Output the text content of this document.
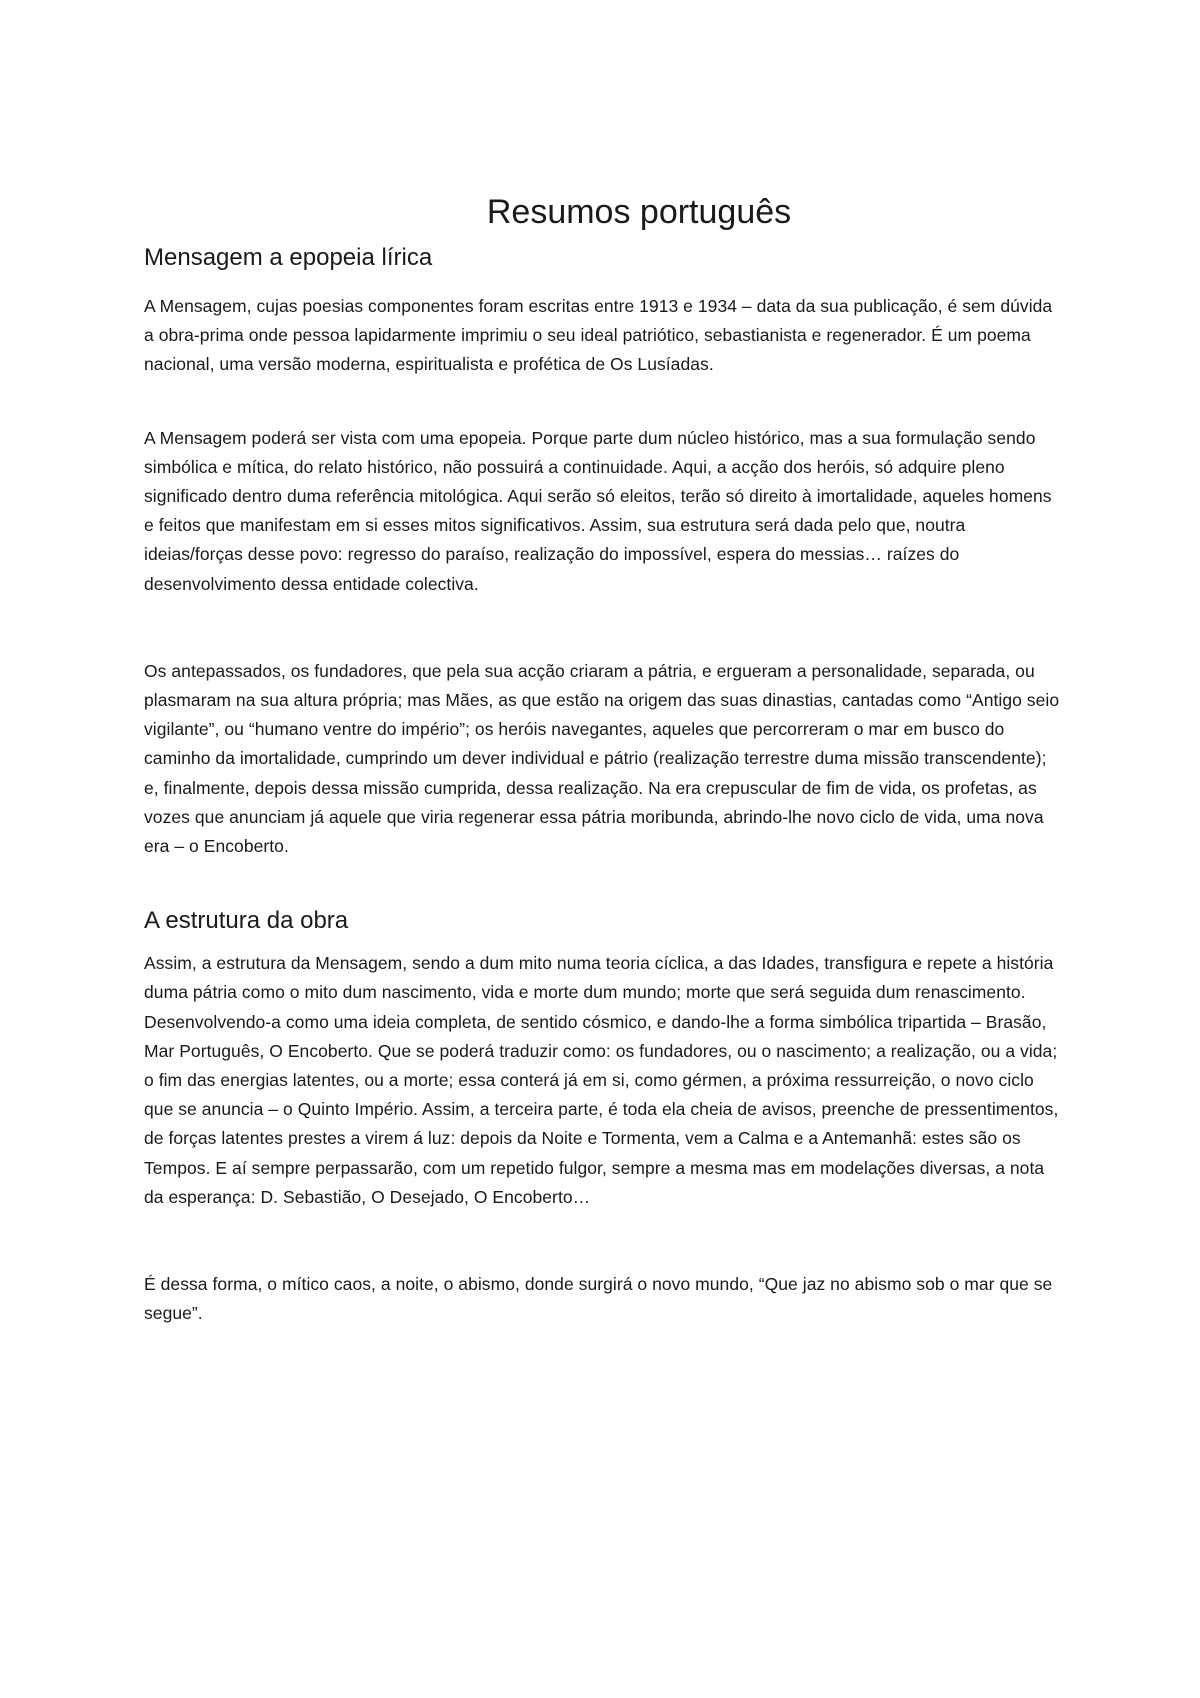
Resumos português
Mensagem a epopeia lírica

A Mensagem, cujas poesias componentes foram escritas entre 1913 e 1934 – data da sua publicação, é sem dúvida a obra-prima onde pessoa lapidarmente imprimiu o seu ideal patriótico, sebastianista e regenerador. É um poema nacional, uma versão moderna, espiritualista e profética de Os Lusíadas.

A Mensagem poderá ser vista com uma epopeia. Porque parte dum núcleo histórico, mas a sua formulação sendo simbólica e mítica, do relato histórico, não possuirá a continuidade. Aqui, a acção dos heróis, só adquire pleno significado dentro duma referência mitológica. Aqui serão só eleitos, terão só direito à imortalidade, aqueles homens e feitos que manifestam em si esses mitos significativos. Assim, sua estrutura será dada pelo que, noutra ideias/forças desse povo: regresso do paraíso, realização do impossível, espera do messias… raízes do desenvolvimento dessa entidade colectiva.

Os antepassados, os fundadores, que pela sua acção criaram a pátria, e ergueram a personalidade, separada, ou plasmaram na sua altura própria; mas Mães, as que estão na origem das suas dinastias, cantadas como “Antigo seio vigilante”, ou “humano ventre do império”; os heróis navegantes, aqueles que percorreram o mar em busco do caminho da imortalidade, cumprindo um dever individual e pátrio (realização terrestre duma missão transcendente); e, finalmente, depois dessa missão cumprida, dessa realização. Na era crepuscular de fim de vida, os profetas, as vozes que anunciam já aquele que viria regenerar essa pátria moribunda, abrindo-lhe novo ciclo de vida, uma nova era – o Encoberto.

A estrutura da obra

Assim, a estrutura da Mensagem, sendo a dum mito numa teoria cíclica, a das Idades, transfigura e repete a história duma pátria como o mito dum nascimento, vida e morte dum mundo; morte que será seguida dum renascimento. Desenvolvendo-a como uma ideia completa, de sentido cósmico, e dando-lhe a forma simbólica tripartida – Brasão, Mar Português, O Encoberto. Que se poderá traduzir como: os fundadores, ou o nascimento; a realização, ou a vida; o fim das energias latentes, ou a morte; essa conterá já em si, como gérmen, a próxima ressurreição, o novo ciclo que se anuncia – o Quinto Império. Assim, a terceira parte, é toda ela cheia de avisos, preenche de pressentimentos, de forças latentes prestes a virem á luz: depois da Noite e Tormenta, vem a Calma e a Antemanhã: estes são os Tempos. E aí sempre perpassarão, com um repetido fulgor, sempre a mesma mas em modelações diversas, a nota da esperança: D. Sebastião, O Desejado, O Encoberto…

É dessa forma, o mítico caos, a noite, o abismo, donde surgirá o novo mundo, “Que jaz no abismo sob o mar que se segue”.
